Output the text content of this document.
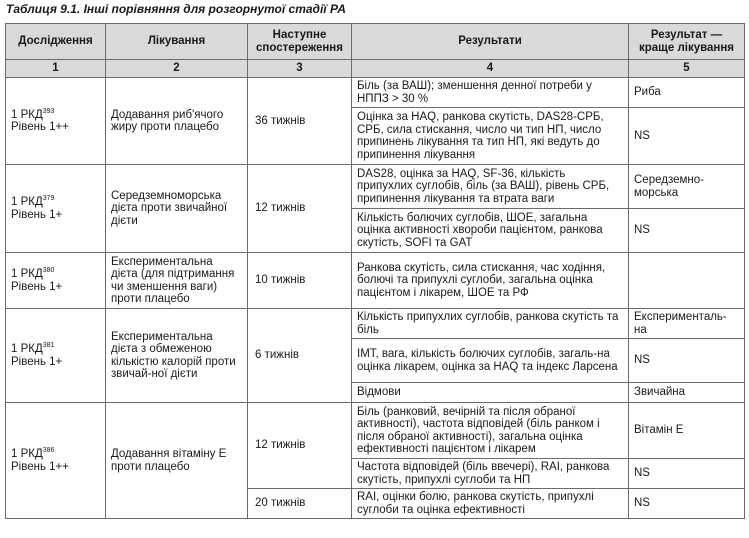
Таблиця 9.1. Інші порівняння для розгорнутої стадії РА
Дослідження	Лікування	Наступне спостереження	Результати	Результат — краще лікування
1	2	3	4	5
1 РКД$^{393}$
Рівень 1++	Додавання риб'ячого жиру проти плацебо	36 тижнів	Біль (за ВАШ); зменшення денної потреби у НППЗ > 30 %	Риба
			Оцінка за HAQ, ранкова скутість, DAS28-СРБ, СРБ, сила стискання, число чи тип НП, число припинень лікування та тип НП, які ведуть до припинення лікування	NS
1 РКД$^{379}$
Рівень 1+	Середземноморська дієта проти звичайної дієти	12 тижнів	DAS28, оцінка за HAQ, SF-36, кількість припухлих суглобів, біль (за ВАШ), рівень СРБ, припинення лікування та втрата ваги	Середземно-морська
			Кількість болючих суглобів, ШОЕ, загальна оцінка активності хвороби пацієнтом, ранкова скутість, SOFI та GAT	NS
1 РКД$^{380}$
Рівень 1+	Експериментальна дієта (для підтримання чи зменшення ваги) проти плацебо	10 тижнів	Ранкова скутість, сила стискання, час ходіння, болючі та припухлі суглоби, загальна оцінка пацієнтом і лікарем, ШОЕ та РФ	
1 РКД$^{381}$
Рівень 1+	Експериментальна дієта з обмеженою кількістю калорій проти звичай-ної дієти	6 тижнів	Кількість припухлих суглобів, ранкова скутість та біль	Експерименталь-на
			IMT, вага, кількість болючих суглобів, загаль-на оцінка лікарем, оцінка за HAQ та індекс Ларсена	NS
			Відмови	Звичайна
1 РКД$^{386}$
Рівень 1++	Додавання вітаміну Е проти плацебо	12 тижнів	Біль (ранковий, вечірній та після обраної активності), частота відповідей (біль ранком і після обраної активності), загальна оцінка ефективності пацієнтом і лікарем	Вітамін Е
			Частота відповідей (біль ввечері), RAI, ранкова скутість, припухлі суглоби та НП	NS
		20 тижнів	RAI, оцінки болю, ранкова скутість, припухлі суглоби та оцінка ефективності	NS
